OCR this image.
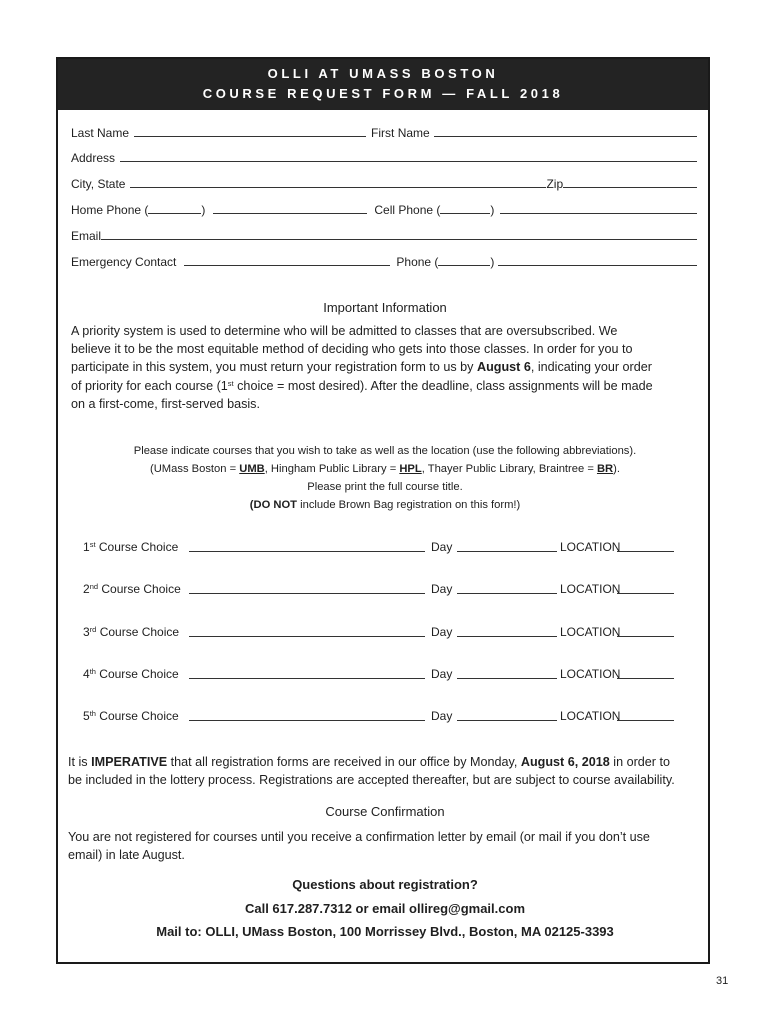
OLLI AT UMASS BOSTON
COURSE REQUEST FORM — FALL 2018
Last Name	First Name
Address
City, State	Zip
Home Phone (	)	Cell Phone (	)
Email
Emergency Contact	Phone (	)
Important Information
A priority system is used to determine who will be admitted to classes that are oversubscribed. We
believe it to be the most equitable method of deciding who gets into those classes. In order for you to
participate in this system, you must return your registration form to us by August 6, indicating your order
of priority for each course (1st choice = most desired). After the deadline, class assignments will be made
on a first-come, first-served basis.
Please indicate courses that you wish to take as well as the location (use the following abbreviations).
(UMass Boston = UMB, Hingham Public Library = HPL, Thayer Public Library, Braintree = BR).
Please print the full course title.
(DO NOT include Brown Bag registration on this form!)
1st Course Choice	Day	LOCATION
2nd Course Choice	Day	LOCATION
3rd Course Choice	Day	LOCATION
4th Course Choice	Day	LOCATION
5th Course Choice	Day	LOCATION
It is IMPERATIVE that all registration forms are received in our office by Monday, August 6, 2018 in order to
be included in the lottery process. Registrations are accepted thereafter, but are subject to course availability.
Course Confirmation
You are not registered for courses until you receive a confirmation letter by email (or mail if you don’t use
email) in late August.
Questions about registration?
Call 617.287.7312 or email ollireg@gmail.com
Mail to: OLLI, UMass Boston, 100 Morrissey Blvd., Boston, MA 02125-3393
31
